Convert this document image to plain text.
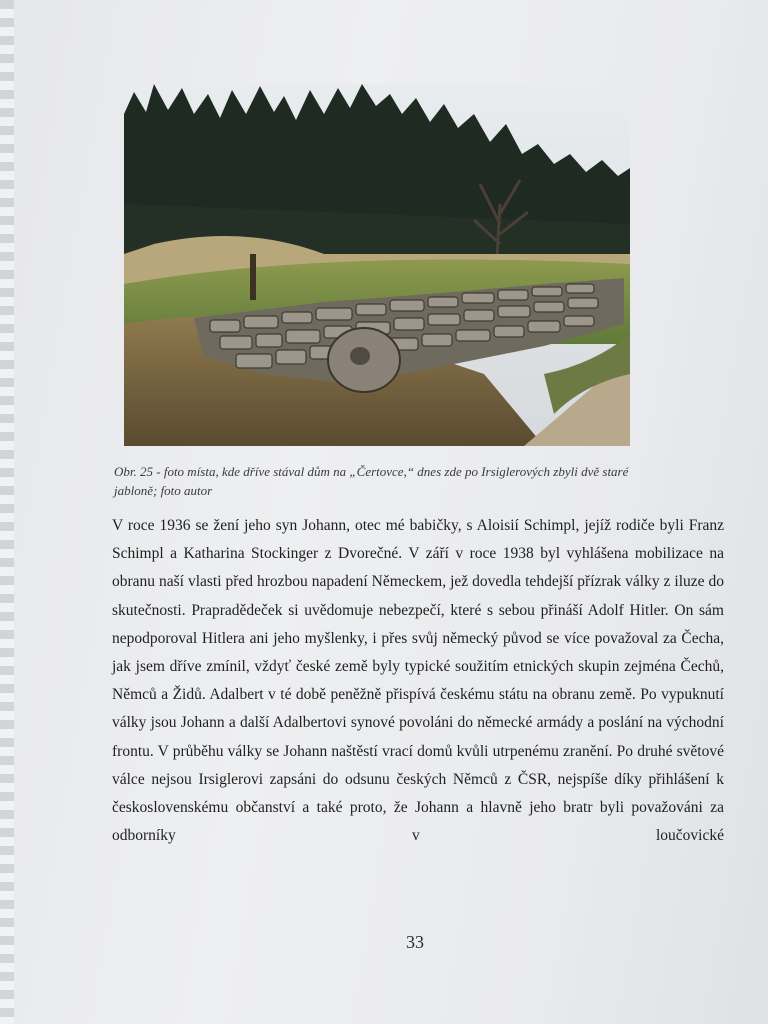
Obr. 25 - foto místa, kde dříve stával dům na „Čertovce,“ dnes zde po Irsiglerových zbyli dvě staré jabloně; foto autor

V roce 1936 se žení jeho syn Johann, otec mé babičky, s Aloisií Schimpl, jejíž rodiče byli Franz Schimpl a Katharina Stockinger z Dvorečné. V září v roce 1938 byl vyhlášena mobilizace na obranu naší vlasti před hrozbou napadení Německem, jež dovedla tehdejší přízrak války z iluze do skutečnosti. Prapradědeček si uvědomuje nebezpečí, které s sebou přináší Adolf Hitler. On sám nepodporoval Hitlera ani jeho myšlenky, i přes svůj německý původ se více považoval za Čecha, jak jsem dříve zmínil, vždyť české země byly typické soužitím etnických skupin zejména Čechů, Němců a Židů. Adalbert v té době peněžně přispívá českému státu na obranu země. Po vypuknutí války jsou Johann a další Adalbertovi synové povoláni do německé armády a poslání na východní frontu. V průběhu války se Johann naštěstí vrací domů kvůli utrpenému zranění. Po druhé světové válce nejsou Irsiglerovi zapsáni do odsunu českých Němců z ČSR, nejspíše díky přihlášení k československému občanství a také proto, že Johann a hlavně jeho bratr byli považováni za odborníky v loučovické

33
